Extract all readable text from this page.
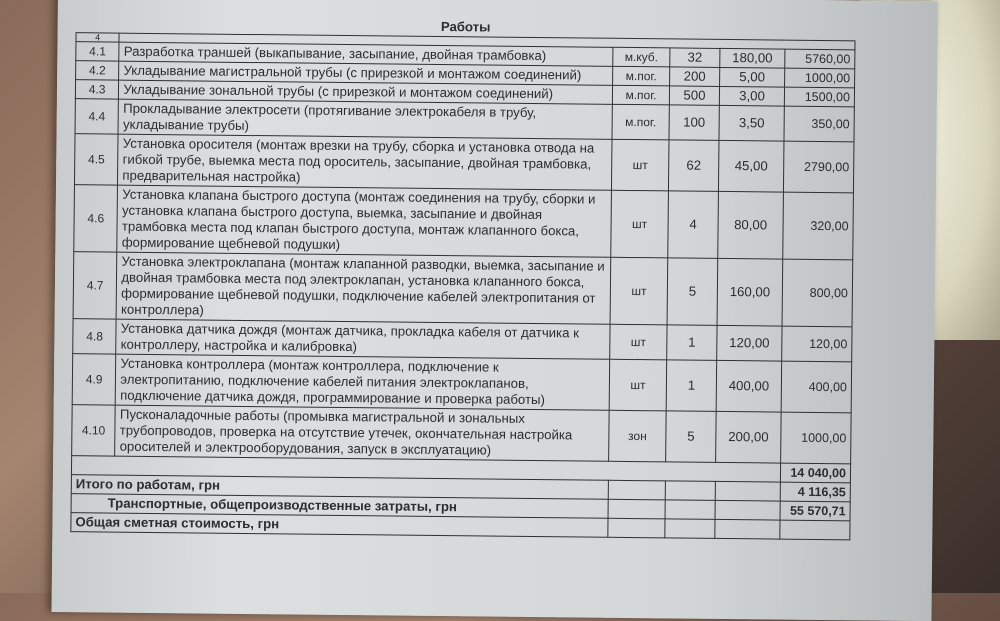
Работы					
4					
4.1	Разработка траншей (выкапывание, засыпание, двойная трамбовка)	м.куб.	32	180,00	5760,00
4.2	Укладывание магистральной трубы (с прирезкой и монтажом соединений)	м.пог.	200	5,00	1000,00
4.3	Укладывание зональной трубы (с прирезкой и монтажом соединений)	м.пог.	500	3,00	1500,00
4.4	Прокладывание электросети (протягивание электрокабеля в трубу, укладывание трубы)	м.пог.	100	3,50	350,00
4.5	Установка оросителя (монтаж врезки на трубу, сборка и установка отвода на гибкой трубе, выемка места под ороситель, засыпание, двойная трамбовка, предварительная настройка)	шт	62	45,00	2790,00
4.6	Установка клапана быстрого доступа (монтаж соединения на трубу, сборки и установка клапана быстрого доступа, выемка, засыпание и двойная трамбовка места под клапан быстрого доступа, монтаж клапанного бокса, формирование щебневой подушки)	шт	4	80,00	320,00
4.7	Установка электроклапана (монтаж клапанной разводки, выемка, засыпание и двойная трамбовка места под электроклапан, установка клапанного бокса, формирование щебневой подушки, подключение кабелей электропитания от контроллера)	шт	5	160,00	800,00
4.8	Установка датчика дождя (монтаж датчика, прокладка кабеля от датчика к контроллеру, настройка и калибровка)	шт	1	120,00	120,00
4.9	Установка контроллера (монтаж контроллера, подключение к электропитанию, подключение кабелей питания электроклапанов, подключение датчика дождя, программирование и проверка работы)	шт	1	400,00	400,00
4.10	Пусконаладочные работы (промывка магистральной и зональных трубопроводов, проверка на отсутствие утечек, окончательная настройка оросителей и электрооборудования, запуск в эксплуатацию)	зон	5	200,00	1000,00
					14 040,00
Итого по работам, грн					4 116,35
Транспортные, общепроизводственные затраты, грн					55 570,71
Общая сметная стоимость, грн					
